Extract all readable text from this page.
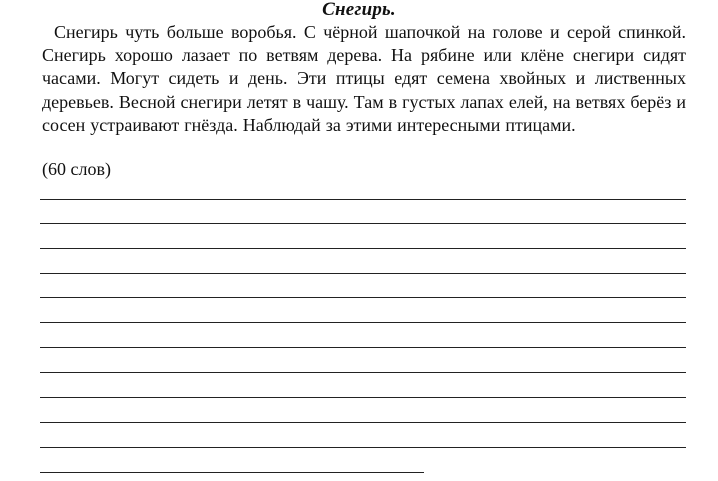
Снегирь.

Снегирь чуть больше воробья. С чёрной шапочкой на голове и серой спинкой. Снегирь хорошо лазает по ветвям дерева. На рябине или клёне снегири сидят часами. Могут сидеть и день. Эти птицы едят семена хвойных и лиственных деревьев. Весной снегири летят в чашу. Там в густых лапах елей, на ветвях берёз и сосен устраивают гнёзда. Наблюдай за этими интересными птицами.

(60 слов)
